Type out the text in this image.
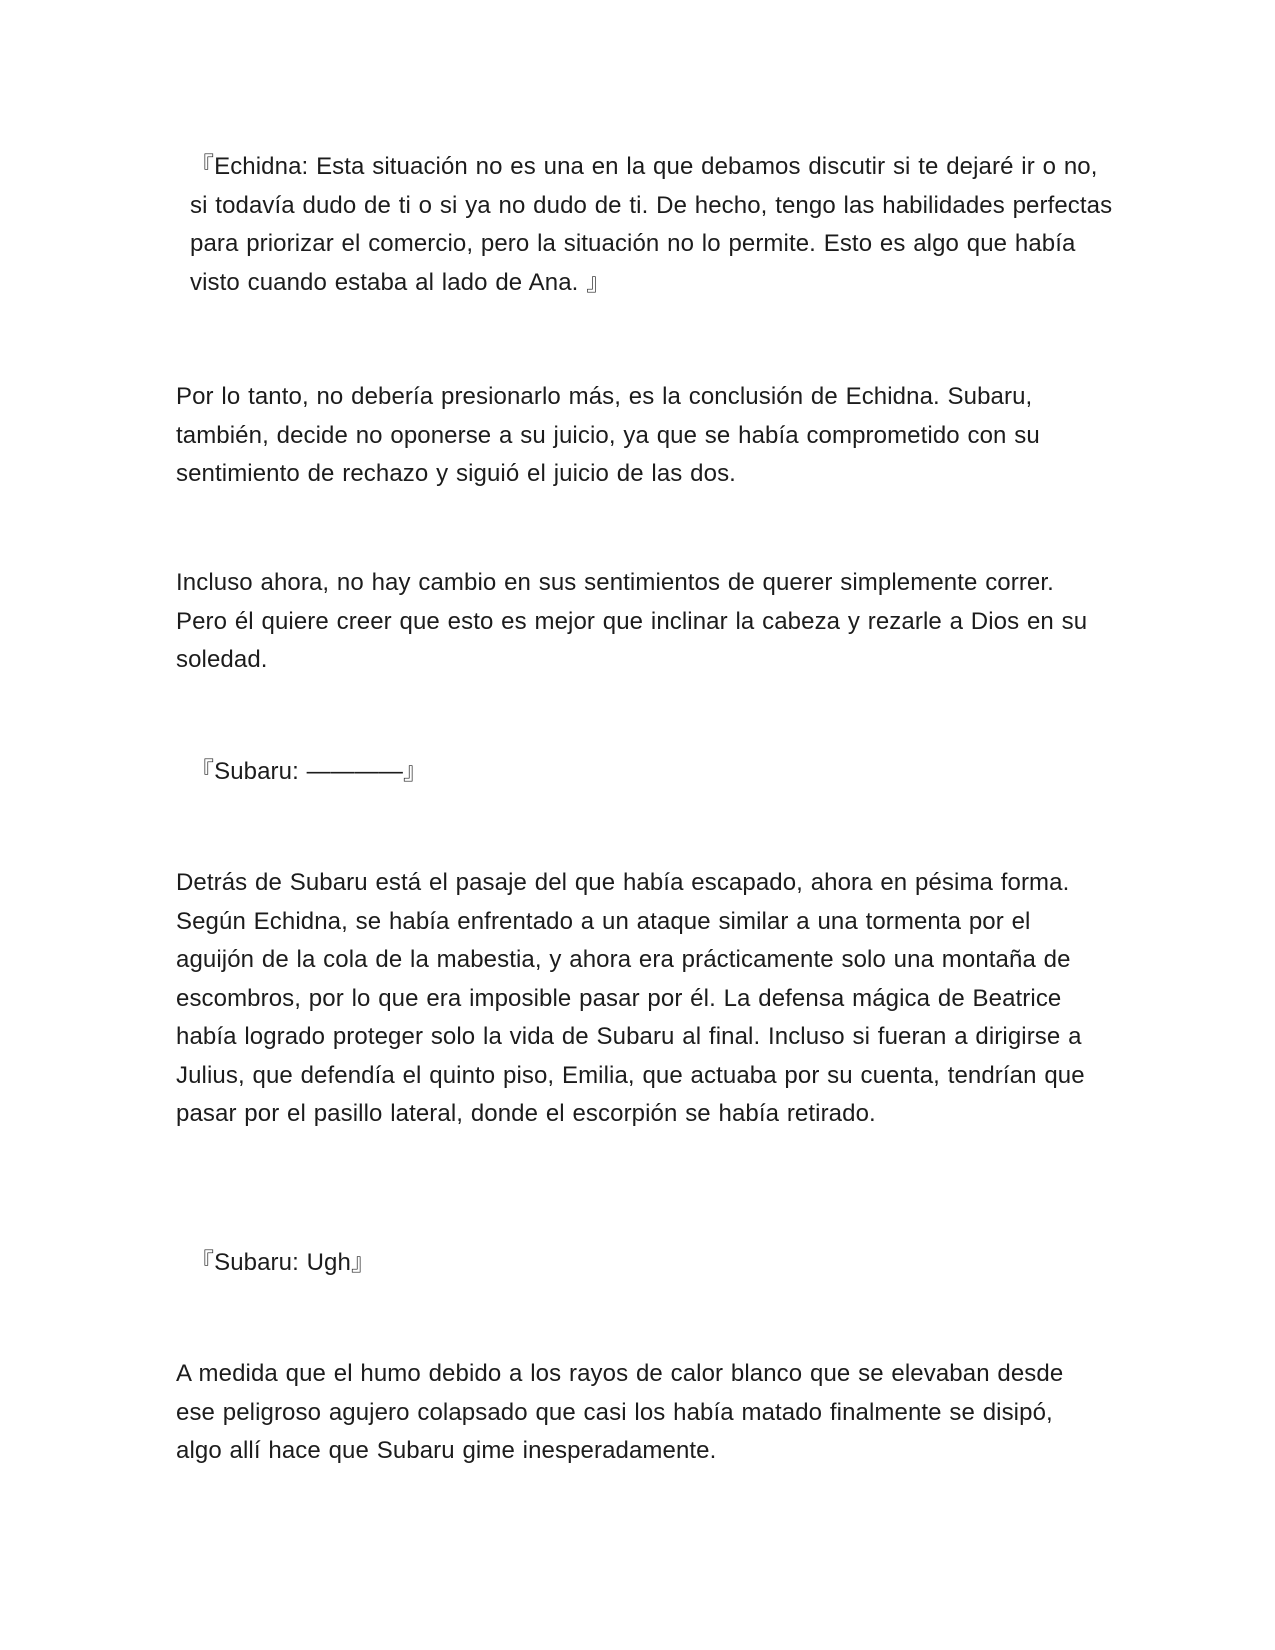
『Echidna: Esta situación no es una en la que debamos discutir si te dejaré ir o no, si todavía dudo de ti o si ya no dudo de ti. De hecho, tengo las habilidades perfectas para priorizar el comercio, pero la situación no lo permite. Esto es algo que había visto cuando estaba al lado de Ana. 』

Por lo tanto, no debería presionarlo más, es la conclusión de Echidna. Subaru, también, decide no oponerse a su juicio, ya que se había comprometido con su sentimiento de rechazo y siguió el juicio de las dos.

Incluso ahora, no hay cambio en sus sentimientos de querer simplemente correr. Pero él quiere creer que esto es mejor que inclinar la cabeza y rezarle a Dios en su soledad.

『Subaru: ————』

Detrás de Subaru está el pasaje del que había escapado, ahora en pésima forma. Según Echidna, se había enfrentado a un ataque similar a una tormenta por el aguijón de la cola de la mabestia, y ahora era prácticamente solo una montaña de escombros, por lo que era imposible pasar por él. La defensa mágica de Beatrice había logrado proteger solo la vida de Subaru al final. Incluso si fueran a dirigirse a Julius, que defendía el quinto piso, Emilia, que actuaba por su cuenta, tendrían que pasar por el pasillo lateral, donde el escorpión se había retirado.

『Subaru: Ugh』

A medida que el humo debido a los rayos de calor blanco que se elevaban desde ese peligroso agujero colapsado que casi los había matado finalmente se disipó, algo allí hace que Subaru gime inesperadamente.
